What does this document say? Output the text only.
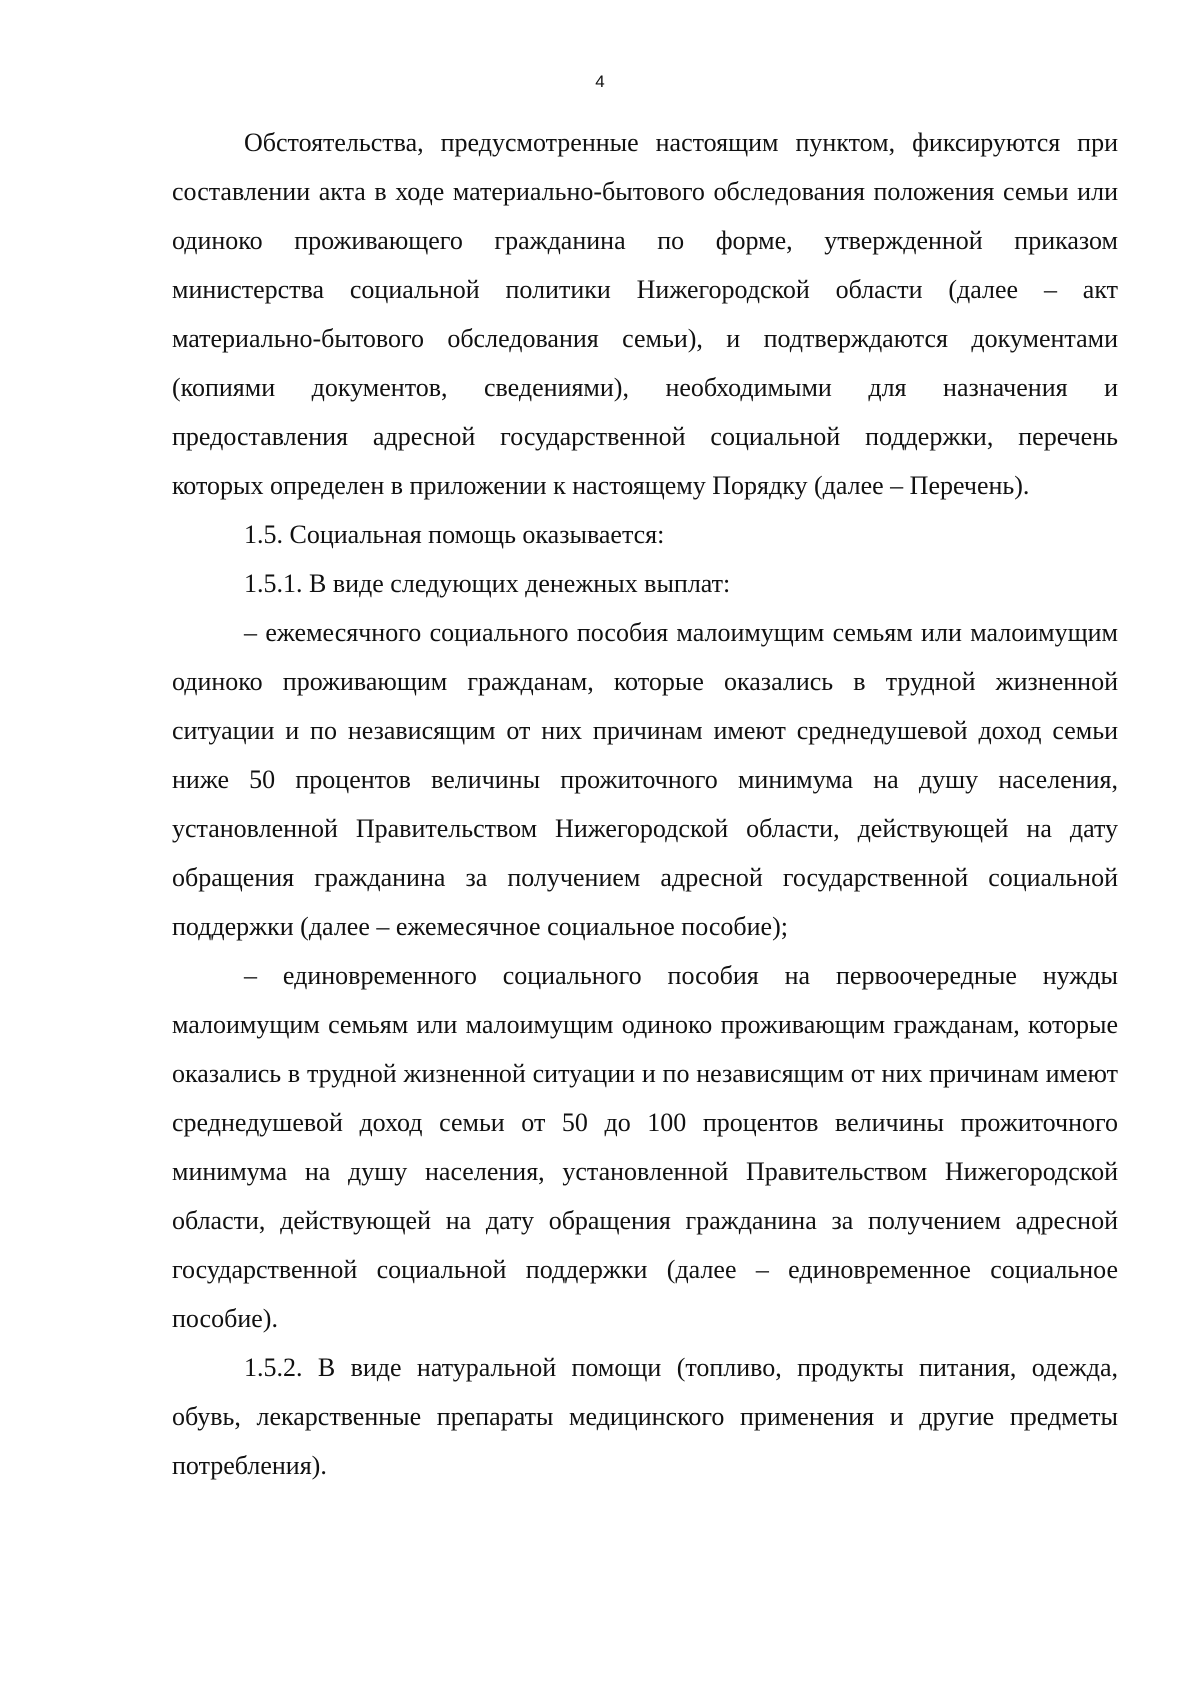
4

Обстоятельства, предусмотренные настоящим пунктом, фиксируются при составлении акта в ходе материально-бытового обследования положения семьи или одиноко проживающего гражданина по форме, утвержденной приказом министерства социальной политики Нижегородской области (далее – акт материально-бытового обследования семьи), и подтверждаются документами (копиями документов, сведениями), необходимыми для назначения и предоставления адресной государственной социальной поддержки, перечень которых определен в приложении к настоящему Порядку (далее – Перечень).

1.5. Социальная помощь оказывается:

1.5.1. В виде следующих денежных выплат:

– ежемесячного социального пособия малоимущим семьям или малоимущим одиноко проживающим гражданам, которые оказались в трудной жизненной ситуации и по независящим от них причинам имеют среднедушевой доход семьи ниже 50 процентов величины прожиточного минимума на душу населения, установленной Правительством Нижегородской области, действующей на дату обращения гражданина за получением адресной государственной социальной поддержки (далее – ежемесячное социальное пособие);

– единовременного социального пособия на первоочередные нужды малоимущим семьям или малоимущим одиноко проживающим гражданам, которые оказались в трудной жизненной ситуации и по независящим от них причинам имеют среднедушевой доход семьи от 50 до 100 процентов величины прожиточного минимума на душу населения, установленной Правительством Нижегородской области, действующей на дату обращения гражданина за получением адресной государственной социальной поддержки (далее – единовременное социальное пособие).

1.5.2. В виде натуральной помощи (топливо, продукты питания, одежда, обувь, лекарственные препараты медицинского применения и другие предметы потребления).
